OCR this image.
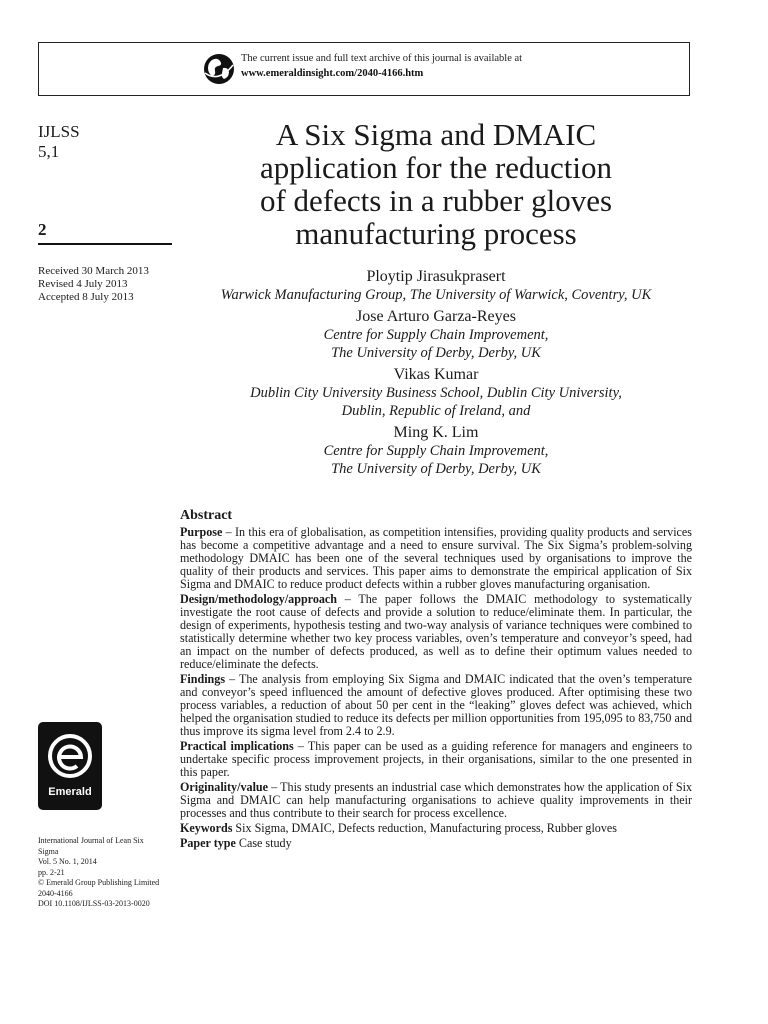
The current issue and full text archive of this journal is available at
www.emeraldinsight.com/2040-4166.htm
IJLSS
5,1
2
Received 30 March 2013
Revised 4 July 2013
Accepted 8 July 2013
A Six Sigma and DMAIC
application for the reduction
of defects in a rubber gloves
manufacturing process
Ploytip Jirasukprasert
Warwick Manufacturing Group, The University of Warwick, Coventry, UK
Jose Arturo Garza-Reyes
Centre for Supply Chain Improvement,
The University of Derby, Derby, UK
Vikas Kumar
Dublin City University Business School, Dublin City University,
Dublin, Republic of Ireland, and
Ming K. Lim
Centre for Supply Chain Improvement,
The University of Derby, Derby, UK
Abstract
Purpose – In this era of globalisation, as competition intensifies, providing quality products and services has become a competitive advantage and a need to ensure survival. The Six Sigma’s problem-solving methodology DMAIC has been one of the several techniques used by organisations to improve the quality of their products and services. This paper aims to demonstrate the empirical application of Six Sigma and DMAIC to reduce product defects within a rubber gloves manufacturing organisation.
Design/methodology/approach – The paper follows the DMAIC methodology to systematically investigate the root cause of defects and provide a solution to reduce/eliminate them. In particular, the design of experiments, hypothesis testing and two-way analysis of variance techniques were combined to statistically determine whether two key process variables, oven’s temperature and conveyor’s speed, had an impact on the number of defects produced, as well as to define their optimum values needed to reduce/eliminate the defects.
Findings – The analysis from employing Six Sigma and DMAIC indicated that the oven’s temperature and conveyor’s speed influenced the amount of defective gloves produced. After optimising these two process variables, a reduction of about 50 per cent in the “leaking” gloves defect was achieved, which helped the organisation studied to reduce its defects per million opportunities from 195,095 to 83,750 and thus improve its sigma level from 2.4 to 2.9.
Practical implications – This paper can be used as a guiding reference for managers and engineers to undertake specific process improvement projects, in their organisations, similar to the one presented in this paper.
Originality/value – This study presents an industrial case which demonstrates how the application of Six Sigma and DMAIC can help manufacturing organisations to achieve quality improvements in their processes and thus contribute to their search for process excellence.
Keywords Six Sigma, DMAIC, Defects reduction, Manufacturing process, Rubber gloves
Paper type Case study
Emerald
International Journal of Lean Six
Sigma
Vol. 5 No. 1, 2014
pp. 2-21
© Emerald Group Publishing Limited
2040-4166
DOI 10.1108/IJLSS-03-2013-0020
